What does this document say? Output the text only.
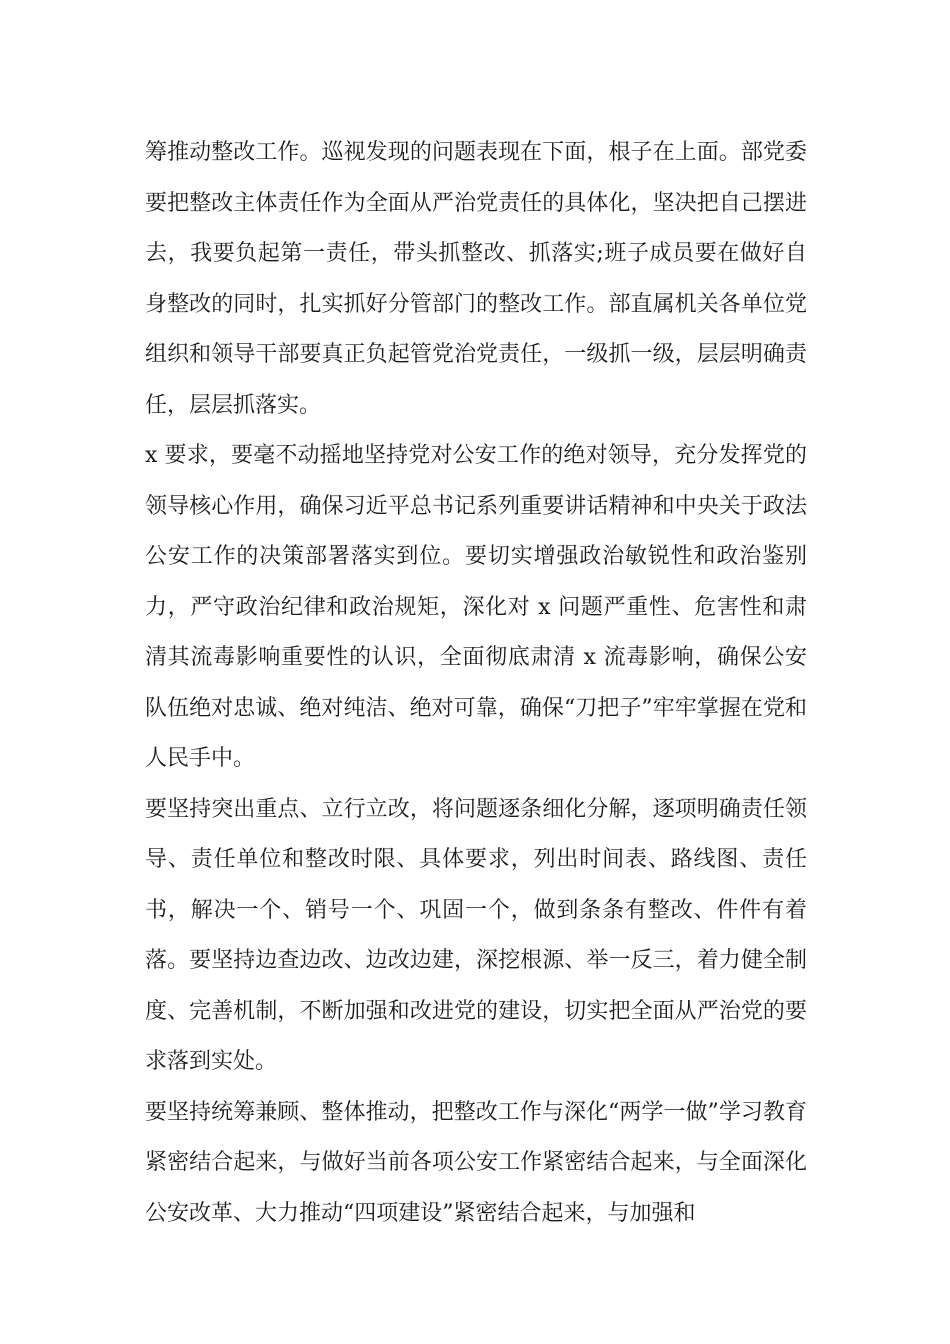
筹推动整改工作。巡视发现的问题表现在下面，根子在上面。部党委要把整改主体责任作为全面从严治党责任的具体化，坚决把自己摆进去，我要负起第一责任，带头抓整改、抓落实;班子成员要在做好自身整改的同时，扎实抓好分管部门的整改工作。部直属机关各单位党组织和领导干部要真正负起管党治党责任，一级抓一级，层层明确责任，层层抓落实。

x 要求，要毫不动摇地坚持党对公安工作的绝对领导，充分发挥党的领导核心作用，确保习近平总书记系列重要讲话精神和中央关于政法公安工作的决策部署落实到位。要切实增强政治敏锐性和政治鉴别力，严守政治纪律和政治规矩，深化对 x 问题严重性、危害性和肃清其流毒影响重要性的认识，全面彻底肃清 x 流毒影响，确保公安队伍绝对忠诚、绝对纯洁、绝对可靠，确保“刀把子”牢牢掌握在党和人民手中。

要坚持突出重点、立行立改，将问题逐条细化分解，逐项明确责任领导、责任单位和整改时限、具体要求，列出时间表、路线图、责任书，解决一个、销号一个、巩固一个，做到条条有整改、件件有着落。要坚持边查边改、边改边建，深挖根源、举一反三，着力健全制度、完善机制，不断加强和改进党的建设，切实把全面从严治党的要求落到实处。

要坚持统筹兼顾、整体推动，把整改工作与深化“两学一做”学习教育紧密结合起来，与做好当前各项公安工作紧密结合起来，与全面深化公安改革、大力推动“四项建设”紧密结合起来，与加强和
